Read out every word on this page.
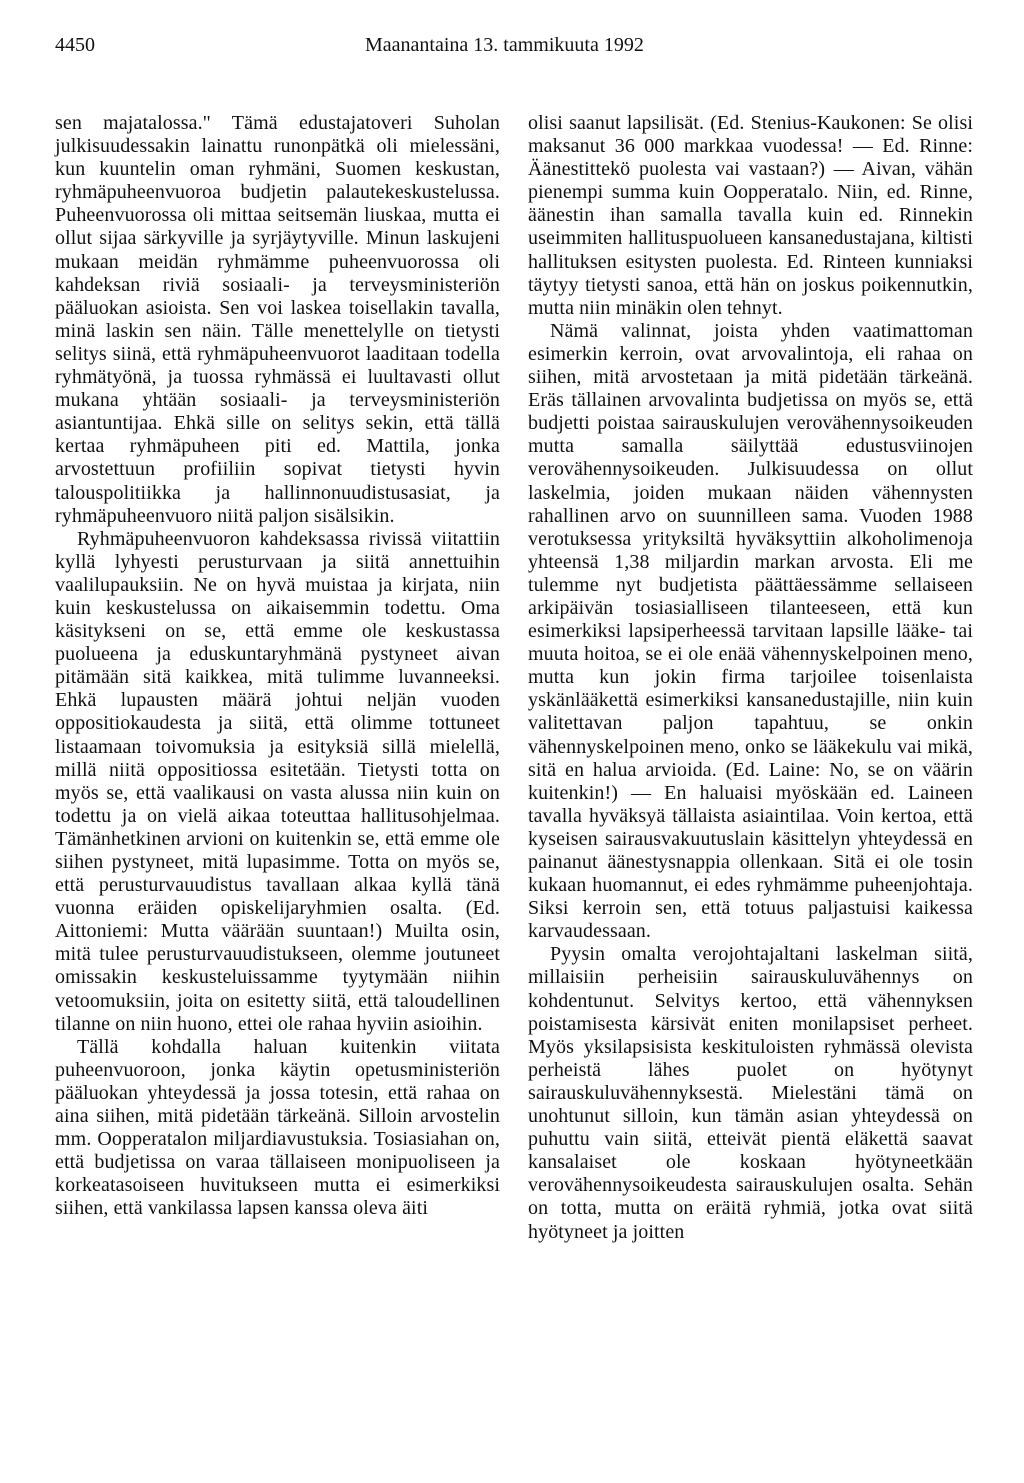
4450	Maanantaina 13. tammikuuta 1992

sen majatalossa." Tämä edustajatoveri Suholan julkisuudessakin lainattu runonpätkä oli mielessäni, kun kuuntelin oman ryhmäni, Suomen keskustan, ryhmäpuheenvuoroa budjetin palautekeskustelussa. Puheenvuorossa oli mittaa seitsemän liuskaa, mutta ei ollut sijaa särkyville ja syrjäytyville. Minun laskujeni mukaan meidän ryhmämme puheenvuorossa oli kahdeksan riviä sosiaali- ja terveysministeriön pääluokan asioista. Sen voi laskea toisellakin tavalla, minä laskin sen näin. Tälle menettelylle on tietysti selitys siinä, että ryhmäpuheenvuorot laaditaan todella ryhmätyönä, ja tuossa ryhmässä ei luultavasti ollut mukana yhtään sosiaali- ja terveysministeriön asiantuntijaa. Ehkä sille on selitys sekin, että tällä kertaa ryhmäpuheen piti ed. Mattila, jonka arvostettuun profiiliin sopivat tietysti hyvin talouspolitiikka ja hallinnonuudistusasiat, ja ryhmäpuheenvuoro niitä paljon sisälsikin.

Ryhmäpuheenvuoron kahdeksassa rivissä viitattiin kyllä lyhyesti perusturvaan ja siitä annettuihin vaalilupauksiin. Ne on hyvä muistaa ja kirjata, niin kuin keskustelussa on aikaisemmin todettu. Oma käsitykseni on se, että emme ole keskustassa puolueena ja eduskuntaryhmänä pystyneet aivan pitämään sitä kaikkea, mitä tulimme luvanneeksi. Ehkä lupausten määrä johtui neljän vuoden oppositiokaudesta ja siitä, että olimme tottuneet listaamaan toivomuksia ja esityksiä sillä mielellä, millä niitä oppositiossa esitetään. Tietysti totta on myös se, että vaalikausi on vasta alussa niin kuin on todettu ja on vielä aikaa toteuttaa hallitusohjelmaa. Tämänhetkinen arvioni on kuitenkin se, että emme ole siihen pystyneet, mitä lupasimme. Totta on myös se, että perusturvauudistus tavallaan alkaa kyllä tänä vuonna eräiden opiskelijaryhmien osalta. (Ed. Aittoniemi: Mutta väärään suuntaan!) Muilta osin, mitä tulee perusturvauudistukseen, olemme joutuneet omissakin keskusteluissamme tyytymään niihin vetoomuksiin, joita on esitetty siitä, että taloudellinen tilanne on niin huono, ettei ole rahaa hyviin asioihin.

Tällä kohdalla haluan kuitenkin viitata puheenvuoroon, jonka käytin opetusministeriön pääluokan yhteydessä ja jossa totesin, että rahaa on aina siihen, mitä pidetään tärkeänä. Silloin arvostelin mm. Oopperatalon miljardiavustuksia. Tosiasiahan on, että budjetissa on varaa tällaiseen monipuoliseen ja korkeatasoiseen huvitukseen mutta ei esimerkiksi siihen, että vankilassa lapsen kanssa oleva äiti

olisi saanut lapsilisät. (Ed. Stenius-Kaukonen: Se olisi maksanut 36 000 markkaa vuodessa! — Ed. Rinne: Äänestittekö puolesta vai vastaan?) — Aivan, vähän pienempi summa kuin Oopperatalo. Niin, ed. Rinne, äänestin ihan samalla tavalla kuin ed. Rinnekin useimmiten hallituspuolueen kansanedustajana, kiltisti hallituksen esitysten puolesta. Ed. Rinteen kunniaksi täytyy tietysti sanoa, että hän on joskus poikennutkin, mutta niin minäkin olen tehnyt.

Nämä valinnat, joista yhden vaatimattoman esimerkin kerroin, ovat arvovalintoja, eli rahaa on siihen, mitä arvostetaan ja mitä pidetään tärkeänä. Eräs tällainen arvovalinta budjetissa on myös se, että budjetti poistaa sairauskulujen verovähennysoikeuden mutta samalla säilyttää edustusviinojen verovähennysoikeuden. Julkisuudessa on ollut laskelmia, joiden mukaan näiden vähennysten rahallinen arvo on suunnilleen sama. Vuoden 1988 verotuksessa yrityksiltä hyväksyttiin alkoholimenoja yhteensä 1,38 miljardin markan arvosta. Eli me tulemme nyt budjetista päättäessämme sellaiseen arkipäivän tosiasialliseen tilanteeseen, että kun esimerkiksi lapsiperheessä tarvitaan lapsille lääke- tai muuta hoitoa, se ei ole enää vähennyskelpoinen meno, mutta kun jokin firma tarjoilee toisenlaista yskänlääkettä esimerkiksi kansanedustajille, niin kuin valitettavan paljon tapahtuu, se onkin vähennyskelpoinen meno, onko se lääkekulu vai mikä, sitä en halua arvioida. (Ed. Laine: No, se on väärin kuitenkin!) — En haluaisi myöskään ed. Laineen tavalla hyväksyä tällaista asiaintilaa. Voin kertoa, että kyseisen sairausvakuutuslain käsittelyn yhteydessä en painanut äänestysnappia ollenkaan. Sitä ei ole tosin kukaan huomannut, ei edes ryhmämme puheenjohtaja. Siksi kerroin sen, että totuus paljastuisi kaikessa karvaudessaan.

Pyysin omalta verojohtajaltani laskelman siitä, millaisiin perheisiin sairauskuluvähennys on kohdentunut. Selvitys kertoo, että vähennyksen poistamisesta kärsivät eniten monilapsiset perheet. Myös yksilapsisista keskituloisten ryhmässä olevista perheistä lähes puolet on hyötynyt sairauskuluvähennyksestä. Mielestäni tämä on unohtunut silloin, kun tämän asian yhteydessä on puhuttu vain siitä, etteivät pientä eläkettä saavat kansalaiset ole koskaan hyötyneetkään verovähennysoikeudesta sairauskulujen osalta. Sehän on totta, mutta on eräitä ryhmiä, jotka ovat siitä hyötyneet ja joitten
